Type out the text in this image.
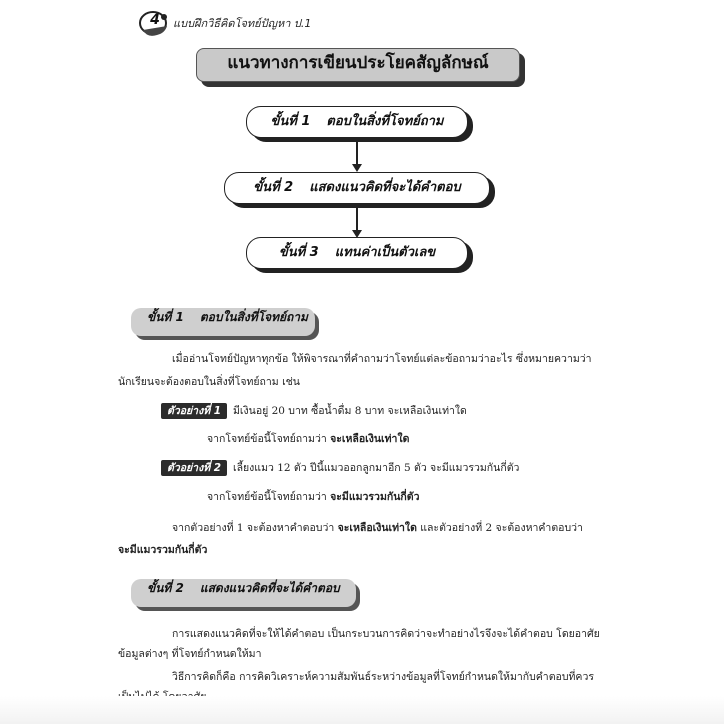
4	แบบฝึกวิธีคิดโจทย์ปัญหา ป.1
แนวทางการเขียนประโยคสัญลักษณ์
ขั้นที่ 1 ตอบในสิ่งที่โจทย์ถาม
ขั้นที่ 2 แสดงแนวคิดที่จะได้คำตอบ
ขั้นที่ 3 แทนค่าเป็นตัวเลข
ขั้นที่ 1 ตอบในสิ่งที่โจทย์ถาม
เมื่ออ่านโจทย์ปัญหาทุกข้อ ให้พิจารณาที่คำถามว่าโจทย์แต่ละข้อถามว่าอะไร ซึ่งหมายความว่า
นักเรียนจะต้องตอบในสิ่งที่โจทย์ถาม เช่น
ตัวอย่างที่ 1	มีเงินอยู่ 20 บาท ซื้อน้ำดื่ม 8 บาท จะเหลือเงินเท่าใด
จากโจทย์ข้อนี้โจทย์ถามว่า จะเหลือเงินเท่าใด
ตัวอย่างที่ 2	เลี้ยงแมว 12 ตัว ปีนี้แมวออกลูกมาอีก 5 ตัว จะมีแมวรวมกันกี่ตัว
จากโจทย์ข้อนี้โจทย์ถามว่า จะมีแมวรวมกันกี่ตัว
จากตัวอย่างที่ 1 จะต้องหาคำตอบว่า จะเหลือเงินเท่าใด และตัวอย่างที่ 2 จะต้องหาคำตอบว่า
จะมีแมวรวมกันกี่ตัว
ขั้นที่ 2 แสดงแนวคิดที่จะได้คำตอบ
การแสดงแนวคิดที่จะให้ได้คำตอบ เป็นกระบวนการคิดว่าจะทำอย่างไรจึงจะได้คำตอบ โดยอาศัย
ข้อมูลต่างๆ ที่โจทย์กำหนดให้มา
วิธีการคิดก็คือ การคิดวิเคราะห์ความสัมพันธ์ระหว่างข้อมูลที่โจทย์กำหนดให้มากับคำตอบที่ควร
